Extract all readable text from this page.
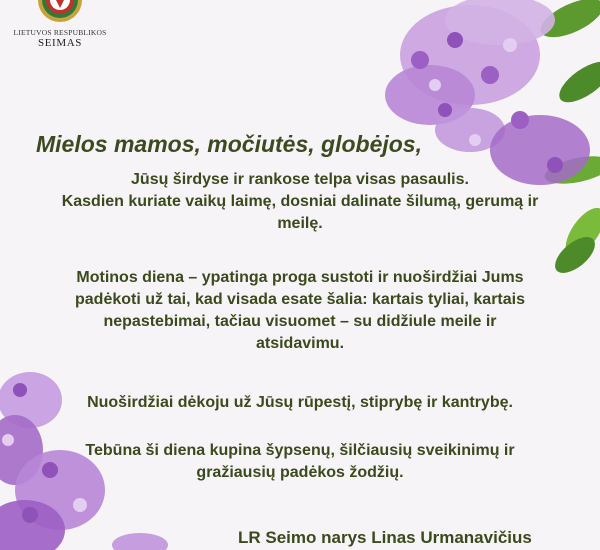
LIETUVOS RESPUBLIKOS
SEIMAS
Mielos mamos, močiutės, globėjos,
Jūsų širdyse ir rankose telpa visas pasaulis.
Kasdien kuriate vaikų laimę, dosniai dalinate šilumą, gerumą ir
meilę.
Motinos diena – ypatinga proga sustoti ir nuoširdžiai Jums
padėkoti už tai, kad visada esate šalia: kartais tyliai, kartais
nepastebimai, tačiau visuomet – su didžiule meile ir
atsidavimu.
Nuoširdžiai dėkoju už Jūsų rūpestį, stiprybę ir kantrybę.
Tebūna ši diena kupina šypsenų, šilčiausių sveikinimų ir
gražiausių padėkos žodžių.
LR Seimo narys Linas Urmanavičius
